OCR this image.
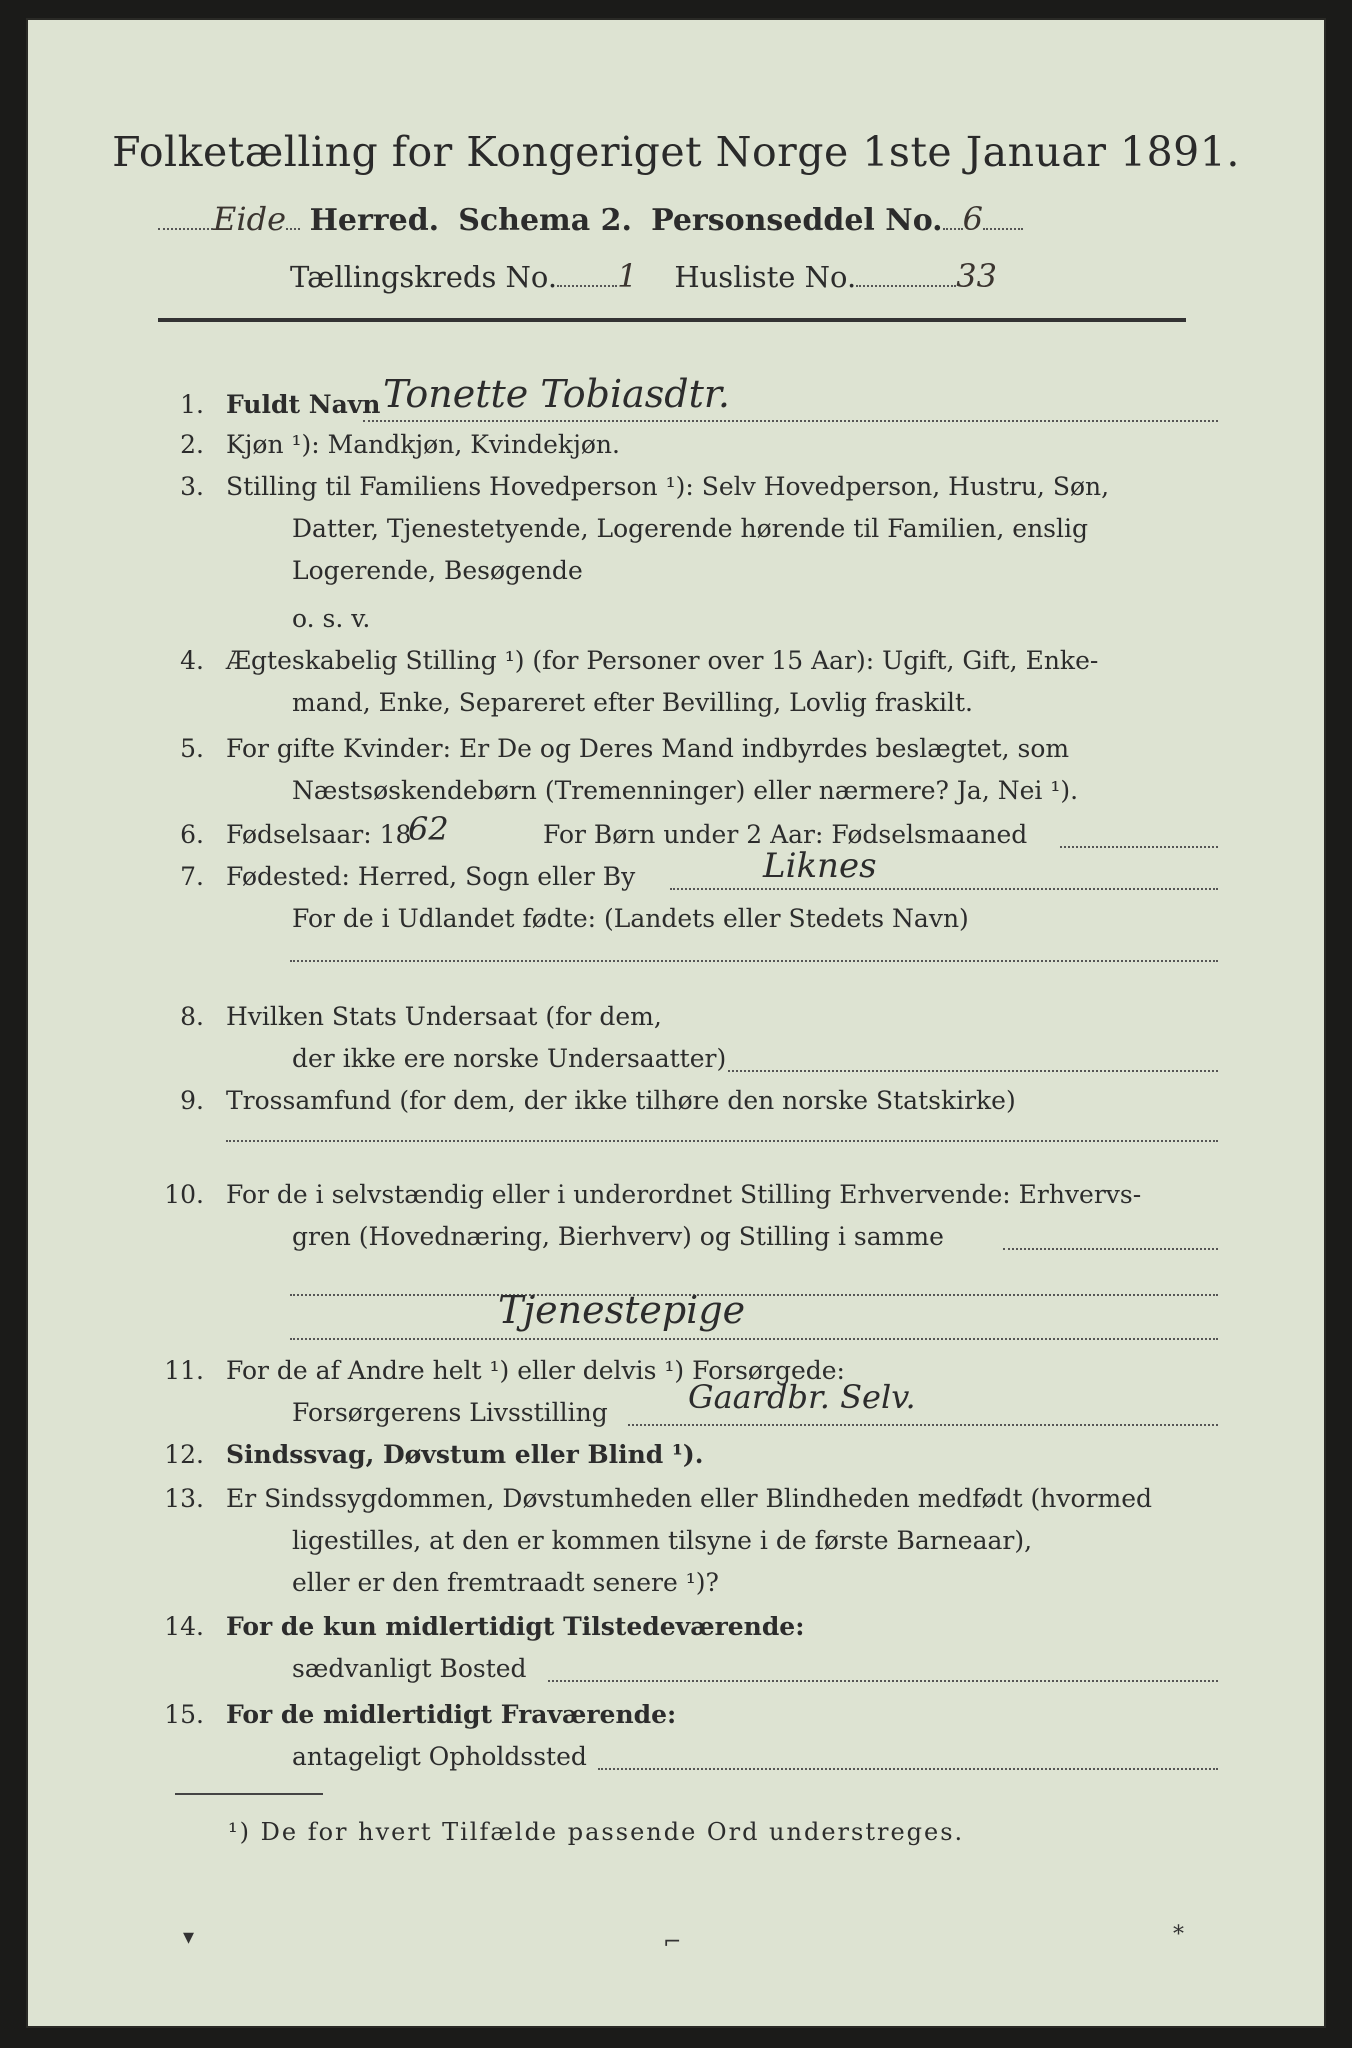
Folketælling for Kongeriget Norge 1ste Januar 1891.
Eide Herred. Schema 2. Personseddel No. 6
Tællingskreds No. 1 Husliste No.	33
1. Fuldt Navn Tonette Tobiasdtr.
2. Kjøn ¹): Mandkjøn, Kvindekjøn.
3. Stilling til Familiens Hovedperson ¹): Selv Hovedperson, Hustru, Søn,
Datter, Tjenestetyende, Logerende hørende til Familien, enslig
Logerende, Besøgende
o. s. v.
4. Ægteskabelig Stilling ¹) (for Personer over 15 Aar): Ugift, Gift, Enke-
mand, Enke, Separeret efter Bevilling, Lovlig fraskilt.
5. For gifte Kvinder: Er De og Deres Mand indbyrdes beslægtet, som
Næstsøskendebørn (Tremenninger) eller nærmere? Ja, Nei ¹).
6. Fødselsaar: 18
62	For Børn under 2 Aar: Fødselsmaaned
7. Fødested: Herred, Sogn eller By	Liknes
For de i Udlandet fødte: (Landets eller Stedets Navn)
8. Hvilken Stats Undersaat (for dem,
der ikke ere norske Undersaatter)
9. Trossamfund (for dem, der ikke tilhøre den norske Statskirke)
10. For de i selvstændig eller i underordnet Stilling Erhvervende: Erhvervs-
gren (Hovednæring, Bierhverv) og Stilling i samme
Tjenestepige
11. For de af Andre helt ¹) eller delvis ¹) Forsørgede:
Forsørgerens Livsstilling	Gaardbr. Selv.
12. Sindssvag, Døvstum eller Blind ¹).
13. Er Sindssygdommen, Døvstumheden eller Blindheden medfødt (hvormed
ligestilles, at den er kommen tilsyne i de første Barneaar),
eller er den fremtraadt senere ¹)?
14. For de kun midlertidigt Tilstedeværende:
sædvanligt Bosted
15. For de midlertidigt Fraværende:
antageligt Opholdssted
¹) De for hvert Tilfælde passende Ord understreges.
▾	⌐
⁎
